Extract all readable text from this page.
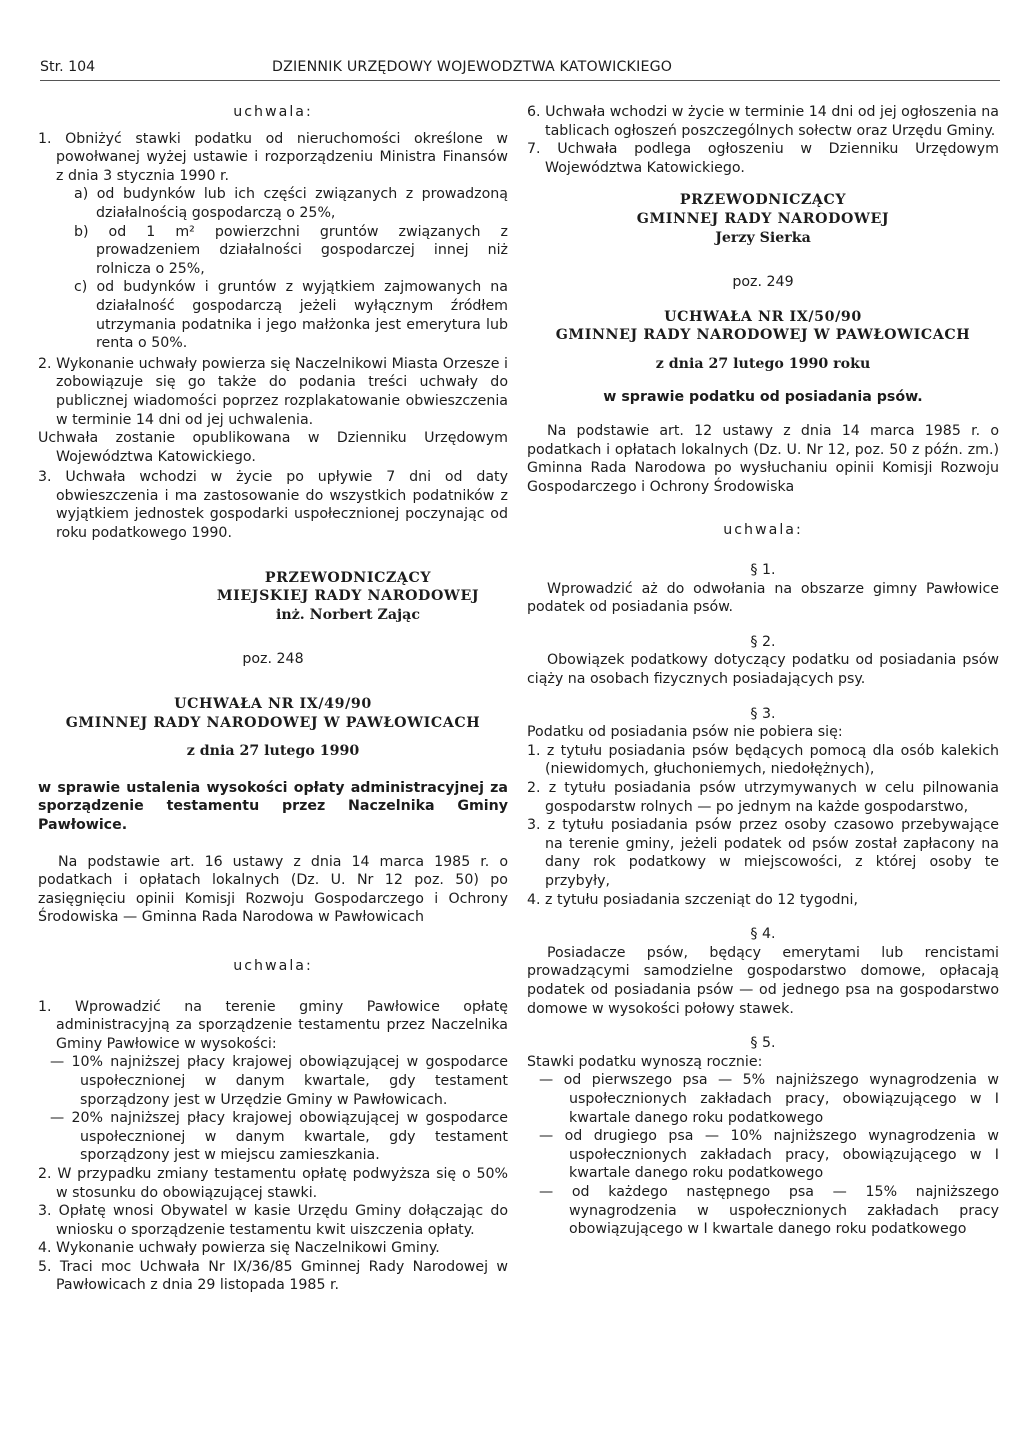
Str. 104	DZIENNIK URZĘDOWY WOJEWODZTWA KATOWICKIEGO

uchwala:

1. Obniżyć stawki podatku od nieruchomości określone w powołwanej wyżej ustawie i rozporządzeniu Ministra Finansów z dnia 3 stycznia 1990 r.

a) od budynków lub ich części związanych z prowadzoną działalnością gospodarczą o 25%,

b) od 1 m² powierzchni gruntów związanych z prowadzeniem działalności gospodarczej innej niż rolnicza o 25%,

c) od budynków i gruntów z wyjątkiem zajmowanych na działalność gospodarczą jeżeli wyłącznym źródłem utrzymania podatnika i jego małżonka jest emerytura lub renta o 50%.

2. Wykonanie uchwały powierza się Naczelnikowi Miasta Orzesze i zobowiązuje się go także do podania treści uchwały do publicznej wiadomości poprzez rozplakatowanie obwieszczenia w terminie 14 dni od jej uchwalenia.

Uchwała zostanie opublikowana w Dzienniku Urzędowym Województwa Katowickiego.

3. Uchwała wchodzi w życie po upływie 7 dni od daty obwieszczenia i ma zastosowanie do wszystkich podatników z wyjątkiem jednostek gospodarki uspołecznionej poczynając od roku podatkowego 1990.

PRZEWODNICZĄCY

MIEJSKIEJ RADY NARODOWEJ

inż. Norbert Zając

poz. 248

UCHWAŁA NR IX/49/90

GMINNEJ RADY NARODOWEJ W PAWŁOWICACH

z dnia 27 lutego 1990

w sprawie ustalenia wysokości opłaty administracyjnej za sporządzenie testamentu przez Naczelnika Gminy Pawłowice.

Na podstawie art. 16 ustawy z dnia 14 marca 1985 r. o podatkach i opłatach lokalnych (Dz. U. Nr 12 poz. 50) po zasięgnięciu opinii Komisji Rozwoju Gospodarczego i Ochrony Środowiska — Gminna Rada Narodowa w Pawłowicach

uchwala:

1. Wprowadzić na terenie gminy Pawłowice opłatę administracyjną za sporządzenie testamentu przez Naczelnika Gminy Pawłowice w wysokości:

— 10% najniższej płacy krajowej obowiązującej w gospodarce uspołecznionej w danym kwartale, gdy testament sporządzony jest w Urzędzie Gminy w Pawłowicach.

— 20% najniższej płacy krajowej obowiązującej w gospodarce uspołecznionej w danym kwartale, gdy testament sporządzony jest w miejscu zamieszkania.

2. W przypadku zmiany testamentu opłatę podwyższa się o 50% w stosunku do obowiązującej stawki.

3. Opłatę wnosi Obywatel w kasie Urzędu Gminy dołączając do wniosku o sporządzenie testamentu kwit uiszczenia opłaty.

4. Wykonanie uchwały powierza się Naczelnikowi Gminy.

5. Traci moc Uchwała Nr IX/36/85 Gminnej Rady Narodowej w Pawłowicach z dnia 29 listopada 1985 r.

6. Uchwała wchodzi w życie w terminie 14 dni od jej ogłoszenia na tablicach ogłoszeń poszczególnych sołectw oraz Urzędu Gminy.

7. Uchwała podlega ogłoszeniu w Dzienniku Urzędowym Województwa Katowickiego.

PRZEWODNICZĄCY

GMINNEJ RADY NARODOWEJ

Jerzy Sierka

poz. 249

UCHWAŁA NR IX/50/90

GMINNEJ RADY NARODOWEJ W PAWŁOWICACH

z dnia 27 lutego 1990 roku

w sprawie podatku od posiadania psów.

Na podstawie art. 12 ustawy z dnia 14 marca 1985 r. o podatkach i opłatach lokalnych (Dz. U. Nr 12, poz. 50 z późn. zm.) Gminna Rada Narodowa po wysłuchaniu opinii Komisji Rozwoju Gospodarczego i Ochrony Środowiska

uchwala:

§ 1.

Wprowadzić aż do odwołania na obszarze gimny Pawłowice podatek od posiadania psów.

§ 2.

Obowiązek podatkowy dotyczący podatku od posiadania psów ciąży na osobach fizycznych posiadających psy.

§ 3.

Podatku od posiadania psów nie pobiera się:

1. z tytułu posiadania psów będących pomocą dla osób kalekich (niewidomych, głuchoniemych, niedołężnych),

2. z tytułu posiadania psów utrzymywanych w celu pilnowania gospodarstw rolnych — po jednym na każde gospodarstwo,

3. z tytułu posiadania psów przez osoby czasowo przebywające na terenie gminy, jeżeli podatek od psów został zapłacony na dany rok podatkowy w miejscowości, z której osoby te przybyły,

4. z tytułu posiadania szczeniąt do 12 tygodni,

§ 4.

Posiadacze psów, będący emerytami lub rencistami prowadzącymi samodzielne gospodarstwo domowe, opłacają podatek od posiadania psów — od jednego psa na gospodarstwo domowe w wysokości połowy stawek.

§ 5.

Stawki podatku wynoszą rocznie:

— od pierwszego psa — 5% najniższego wynagrodzenia w uspołecznionych zakładach pracy, obowiązującego w I kwartale danego roku podatkowego

— od drugiego psa — 10% najniższego wynagrodzenia w uspołecznionych zakładach pracy, obowiązującego w I kwartale danego roku podatkowego

— od każdego następnego psa — 15% najniższego wynagrodzenia w uspołecznionych zakładach pracy obowiązującego w I kwartale danego roku podatkowego
